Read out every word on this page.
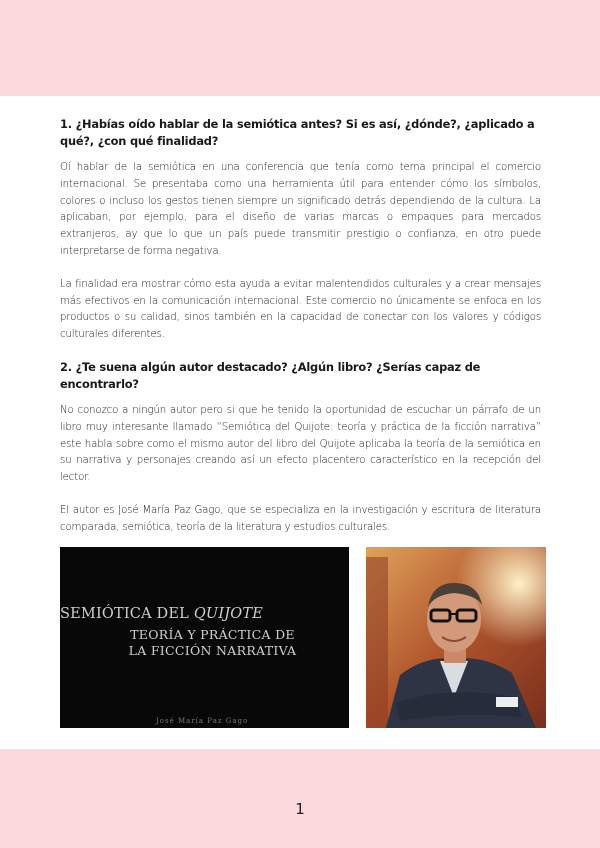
1. ¿Habías oído hablar de la semiótica antes? Si es así, ¿dónde?, ¿aplicado a qué?, ¿con qué finalidad?

Oí hablar de la semiótica en una conferencia que tenía como tema principal el comercio internacional. Se presentaba como una herramienta útil para entender cómo los símbolos, colores o incluso los gestos tienen siempre un significado detrás dependiendo de la cultura. La aplicaban, por ejemplo, para el diseño de varias marcas o empaques para mercados extranjeros, ay que lo que un país puede transmitir prestigio o confianza, en otro puede interpretarse de forma negativa.

La finalidad era mostrar cómo esta ayuda a evitar malentendidos culturales y a crear mensajes más efectivos en la comunicación internacional. Este comercio no únicamente se enfoca en los productos o su calidad, sinos también en la capacidad de conectar con los valores y códigos culturales diferentes.

2. ¿Te suena algún autor destacado? ¿Algún libro? ¿Serías capaz de encontrarlo?

No conozco a ningún autor pero si que he tenido la oportunidad de escuchar un párrafo de un libro muy interesante llamado “Semiótica del Quijote: teoría y práctica de la ficción narrativa” este habla sobre como el mismo autor del libro del Quijote aplicaba la teoría de la semiótica en su narrativa y personajes creando así un efecto placentero característico en la recepción del lector.

El autor es José María Paz Gago, que se especializa en la investigación y escritura de literatura comparada, semiótica, teoría de la literatura y estudios culturales.

SEMIÓTICA DEL QUIJOTE
TEORÍA Y PRÁCTICA DE
LA FICCIÓN NARRATIVA
José María Paz Gago
1
